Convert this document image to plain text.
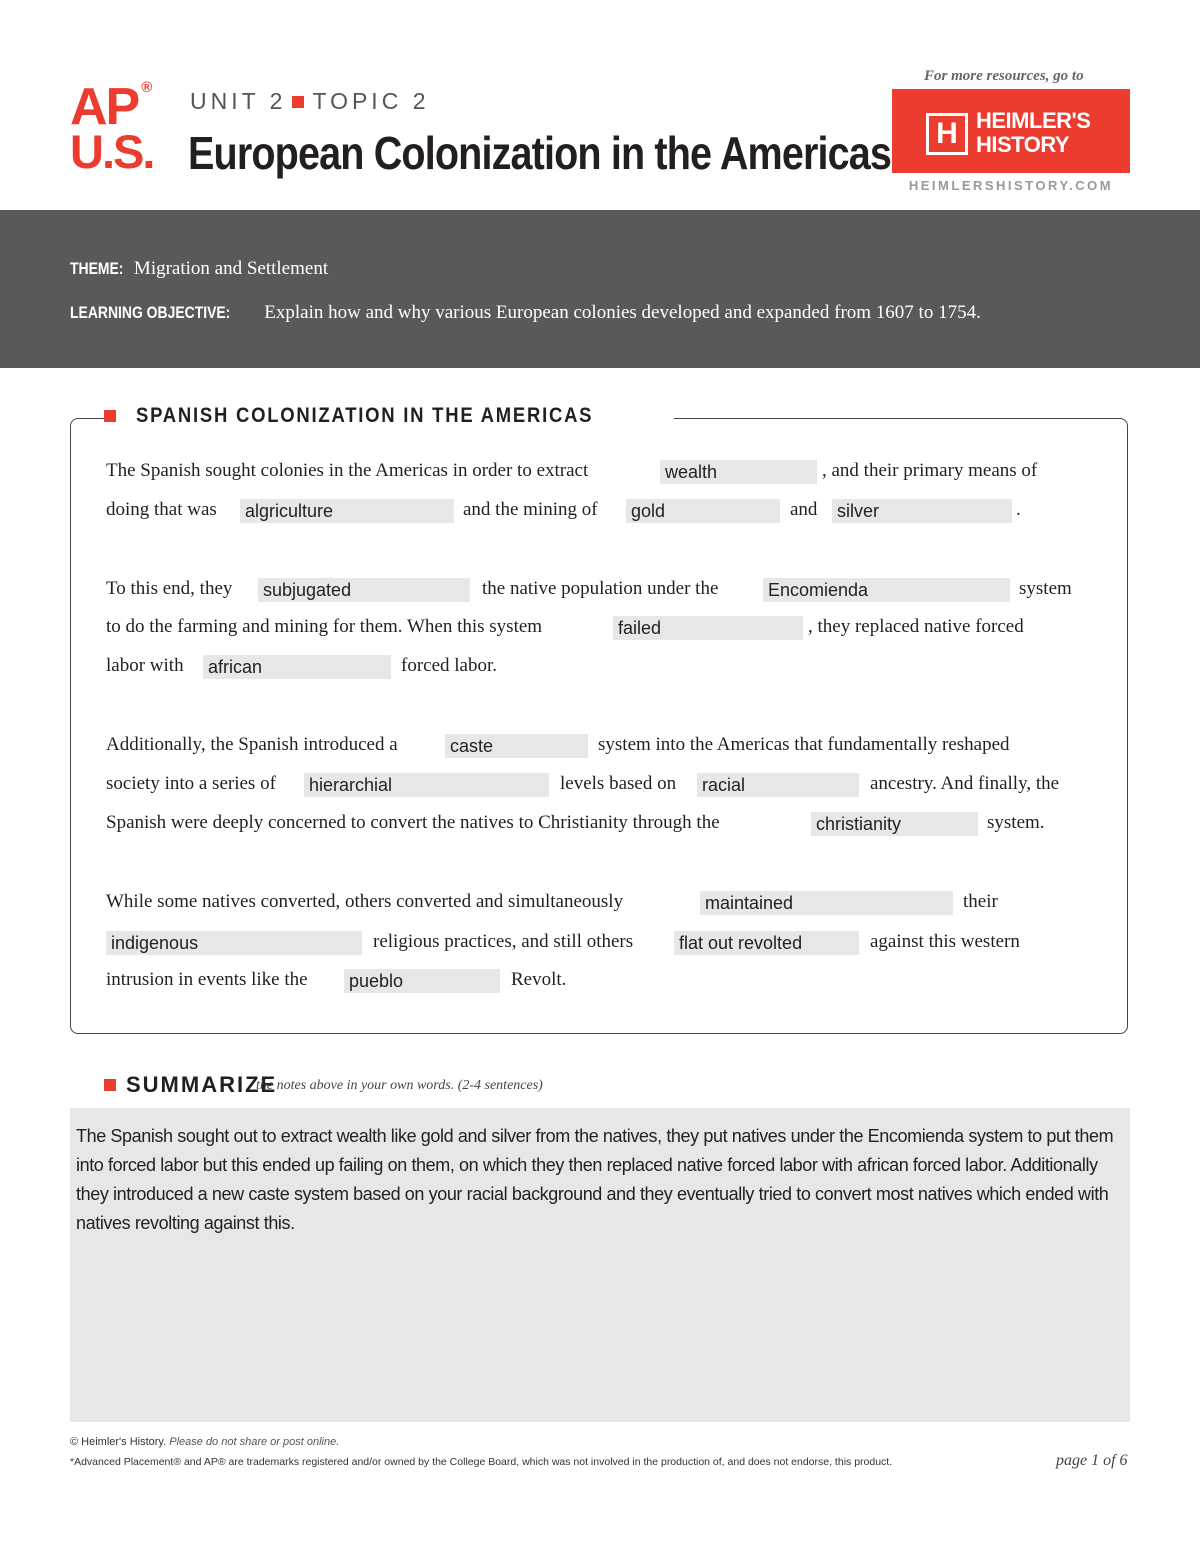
AP ®
U.S.
UNIT 2 TOPIC 2
European Colonization in the Americas
For more resources, go to
H HEIMLER'S
HISTORY
HEIMLERSHISTORY.COM
THEME: Migration and Settlement
LEARNING OBJECTIVE: Explain how and why various European colonies developed and expanded from 1607 to 1754.
SPANISH COLONIZATION IN THE AMERICAS
The Spanish sought colonies in the Americas in order to extract	wealth	, and their primary means of
doing that was algriculture	and the mining of gold	and silver	.
To this end, they subjugated	the native population under the	Encomienda	system
to do the farming and mining for them. When this system	failed	, they replaced native forced
labor with african	forced labor.
Additionally, the Spanish introduced a	caste	system into the Americas that fundamentally reshaped
society into a series of hierarchial	levels based on racial	ancestry. And finally, the
Spanish were deeply concerned to convert the natives to Christianity through the	christianity	system.
While some natives converted, others converted and simultaneously	maintained	their
indigenous	religious practices, and still others	flat out revolted	against this western
intrusion in events like the pueblo	Revolt.
SUMMARIZE
the notes above in your own words. (2-4 sentences)
The Spanish sought out to extract wealth like gold and silver from the natives, they put natives under the Encomienda system to put them into forced labor but this ended up failing on them, on which they then replaced native forced labor with african forced labor. Additionally they introduced a new caste system based on your racial background and they eventually tried to convert most natives which ended with natives revolting against this.
© Heimler's History. Please do not share or post online.
*Advanced Placement® and AP® are trademarks registered and/or owned by the College Board, which was not involved in the production of, and does not endorse, this product.	page 1 of 6
